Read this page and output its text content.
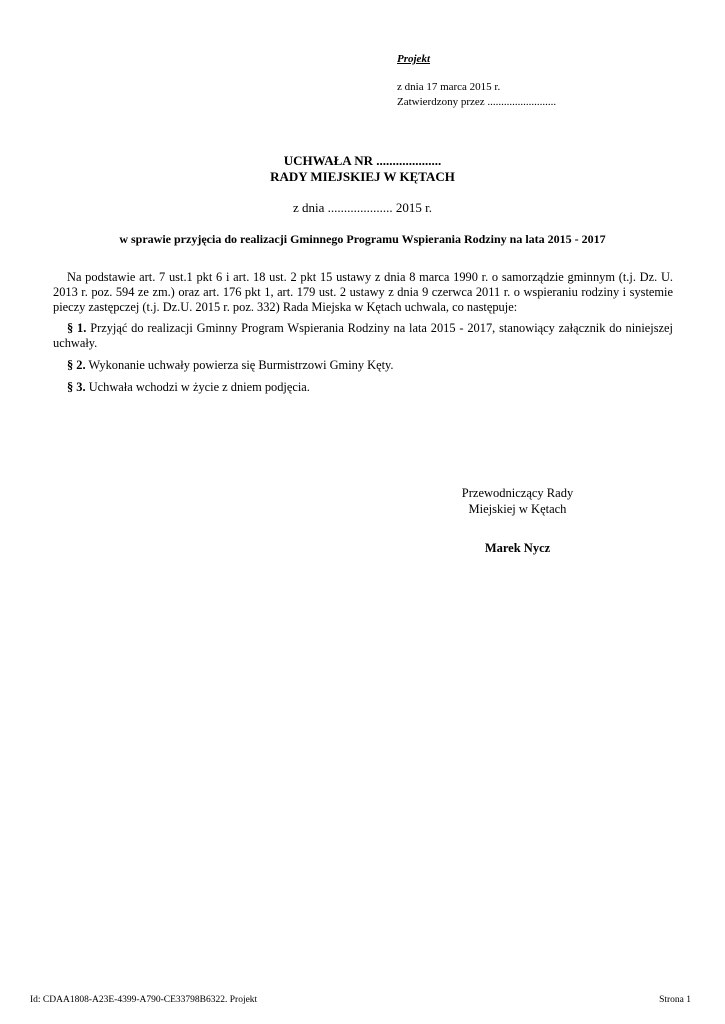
Projekt
z dnia 17 marca 2015 r.
Zatwierdzony przez .........................
UCHWAŁA NR ....................
RADY MIEJSKIEJ W KĘTACH
z dnia .................... 2015 r.
w sprawie przyjęcia do realizacji Gminnego Programu Wspierania Rodziny na lata 2015 - 2017

Na podstawie art. 7 ust.1 pkt 6 i art. 18 ust. 2 pkt 15 ustawy z dnia 8 marca 1990 r. o samorządzie gminnym (t.j. Dz. U. 2013 r. poz. 594 ze zm.) oraz art. 176 pkt 1, art. 179 ust. 2 ustawy z dnia 9 czerwca 2011 r. o wspieraniu rodziny i systemie pieczy zastępczej (t.j. Dz.U. 2015 r. poz. 332) Rada Miejska w Kętach uchwala, co następuje:

§ 1. Przyjąć do realizacji Gminny Program Wspierania Rodziny na lata 2015 - 2017, stanowiący załącznik do niniejszej uchwały.

§ 2. Wykonanie uchwały powierza się Burmistrzowi Gminy Kęty.

§ 3. Uchwała wchodzi w życie z dniem podjęcia.

Przewodniczący Rady
Miejskiej w Kętach
Marek Nycz
Id: CDAA1808-A23E-4399-A790-CE33798B6322. Projekt	Strona 1
